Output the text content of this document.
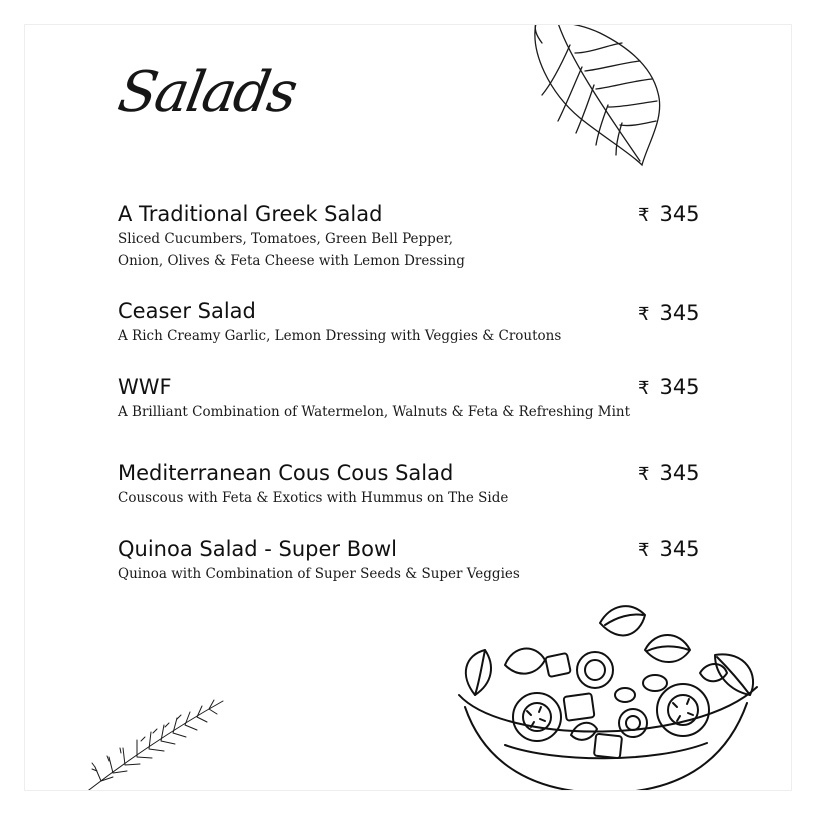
Salads
A Traditional Greek Salad
Sliced Cucumbers, Tomatoes, Green Bell Pepper,
Onion, Olives & Feta Cheese with Lemon Dressing
₹ 345
Ceaser Salad
A Rich Creamy Garlic, Lemon Dressing with Veggies & Croutons
₹ 345
WWF
A Brilliant Combination of Watermelon, Walnuts & Feta & Refreshing Mint
₹ 345
Mediterranean Cous Cous Salad
Couscous with Feta & Exotics with Hummus on The Side
₹ 345
Quinoa Salad - Super Bowl
Quinoa with Combination of Super Seeds & Super Veggies
₹ 345
